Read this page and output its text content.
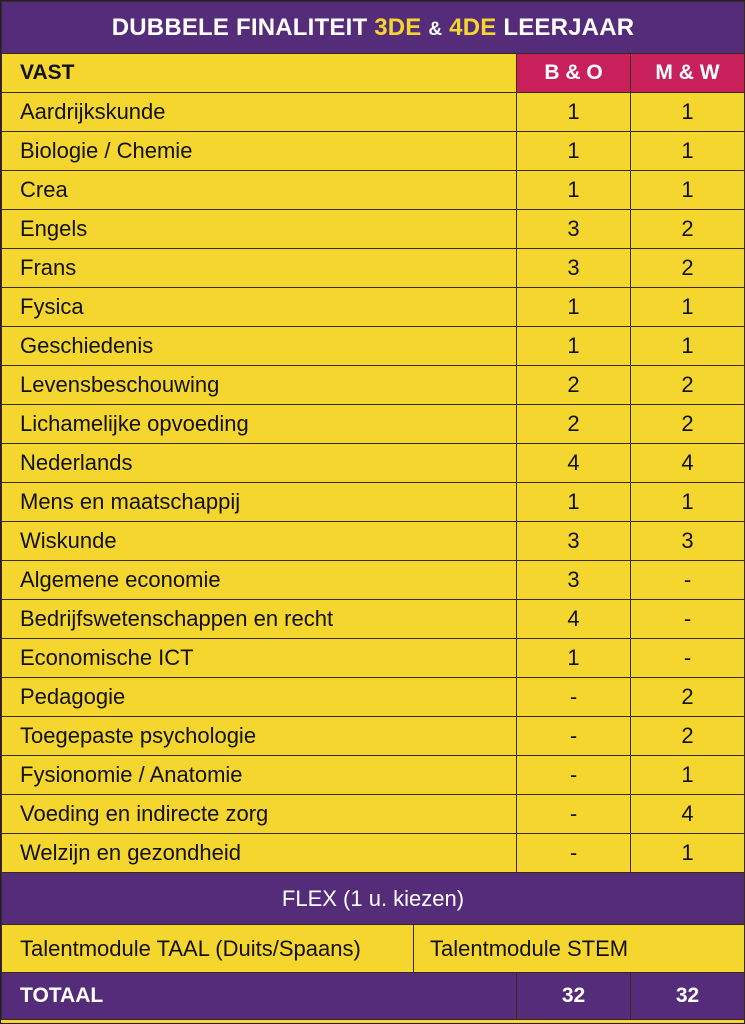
DUBBELE FINALITEIT 3DE & 4DE LEERJAAR			
VAST		B & O	M & W
Aardrijkskunde		1	1
Biologie / Chemie		1	1
Crea		1	1
Engels		3	2
Frans		3	2
Fysica		1	1
Geschiedenis		1	1
Levensbeschouwing		2	2
Lichamelijke opvoeding		2	2
Nederlands		4	4
Mens en maatschappij		1	1
Wiskunde		3	3
Algemene economie		3	-
Bedrijfswetenschappen en recht		4	-
Economische ICT		1	-
Pedagogie		-	2
Toegepaste psychologie		-	2
Fysionomie / Anatomie		-	1
Voeding en indirecte zorg		-	4
Welzijn en gezondheid		-	1
FLEX (1 u. kiezen)			
Talentmodule TAAL (Duits/Spaans)	Talentmodule STEM		
TOTAAL		32	32
